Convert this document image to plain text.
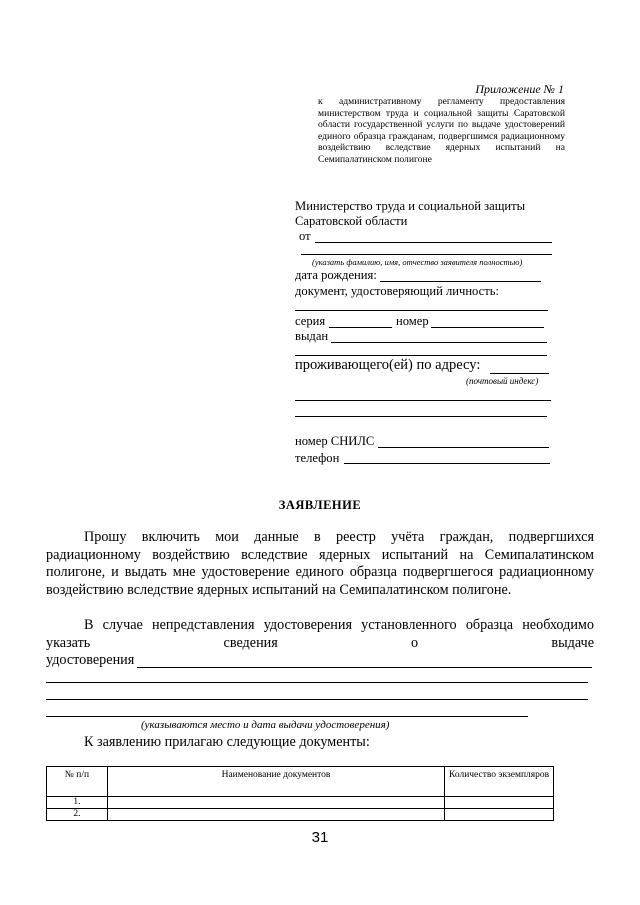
Приложение № 1
к административному регламенту предоставления министерством труда и социальной защиты Саратовской области государственной услуги по выдаче удостоверений единого образца гражданам, подвергшимся радиационному воздействию вследствие ядерных испытаний на Семипалатинском полигоне
Министерство труда и социальной защиты
Саратовской области
от
(указать фамилию, имя, отчество заявителя полностью)
дата рождения:
документ, удостоверяющий личность:
серия	номер
выдан
проживающего(ей) по адресу:
(почтовый индекс)
номер СНИЛС
телефон
ЗАЯВЛЕНИЕ
Прошу включить мои данные в реестр учёта граждан, подвергшихся радиационному воздействию вследствие ядерных испытаний на Семипалатинском полигоне, и выдать мне удостоверение единого образца подвергшегося радиационному воздействию вследствие ядерных испытаний на Семипалатинском полигоне.
В случае непредставления удостоверения установленного образца необходимо указать сведения о выдаче
удостоверения
(указываются место и дата выдачи удостоверения)
К заявлению прилагаю следующие документы:
№ п/п	Наименование документов	Количество экземпляров
1.		
2.		
31
